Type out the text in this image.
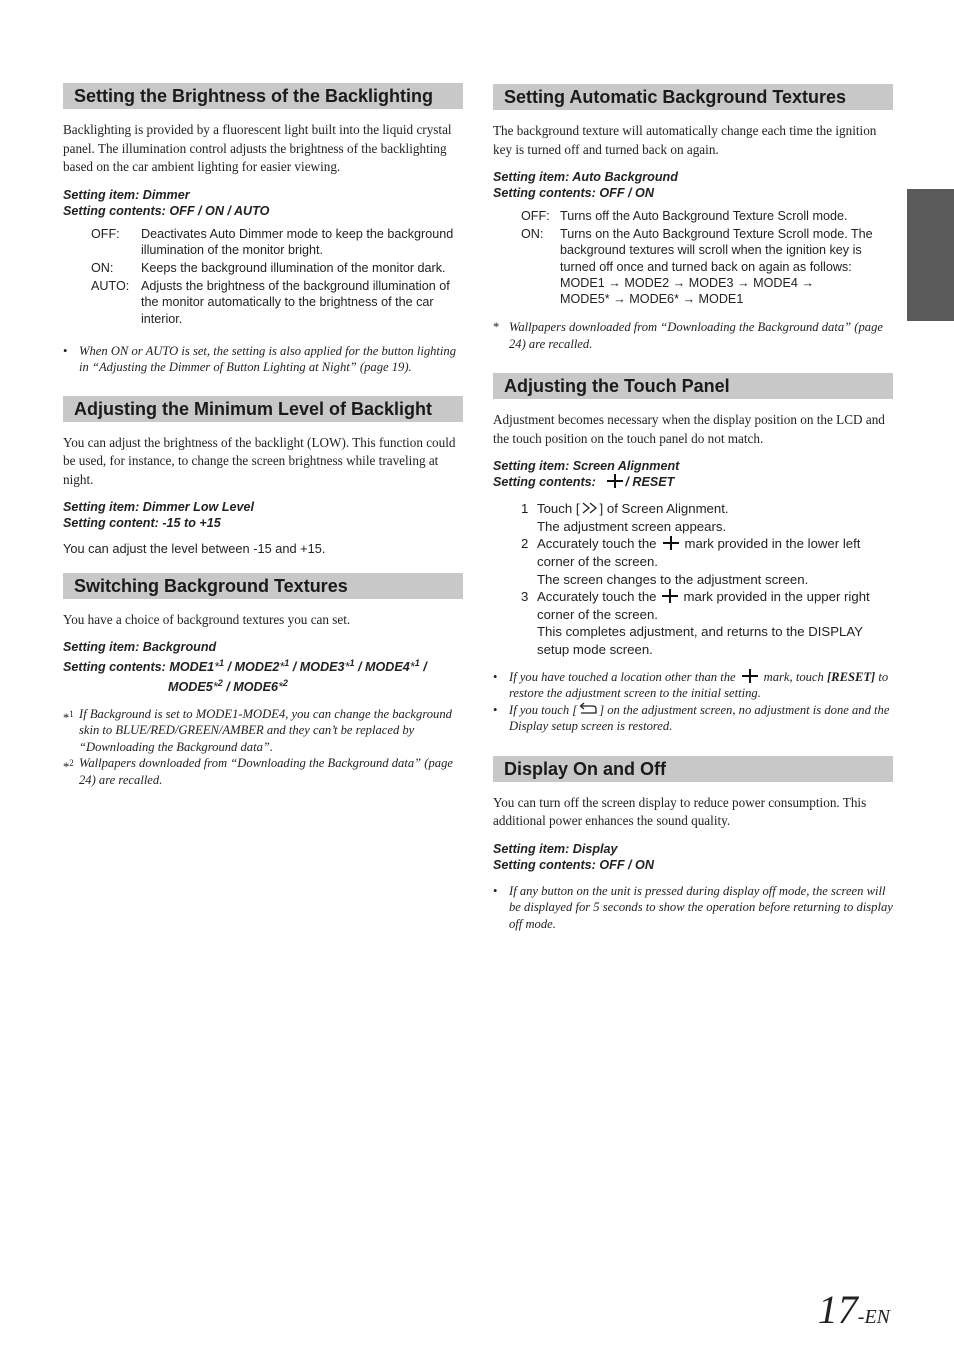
Setting the Brightness of the Backlighting

Backlighting is provided by a fluorescent light built into the liquid crystal panel. The illumination control adjusts the brightness of the backlighting based on the car ambient lighting for easier viewing.

Setting item: Dimmer
Setting contents: OFF / ON / AUTO
OFF:	Deactivates Auto Dimmer mode to keep the background illumination of the monitor bright.
ON:	Keeps the background illumination of the monitor dark.
AUTO: Adjusts the brightness of the background illumination of the monitor automatically to the brightness of the car interior.
• When ON or AUTO is set, the setting is also applied for the button lighting in “Adjusting the Dimmer of Button Lighting at Night” (page 19).
Adjusting the Minimum Level of Backlight

You can adjust the brightness of the backlight (LOW). This function could be used, for instance, to change the screen brightness while traveling at night.

Setting item: Dimmer Low Level
Setting content: -15 to +15
You can adjust the level between -15 and +15.
Switching Background Textures

You have a choice of background textures you can set.

Setting item: Background
Setting contents: MODE1*$^1$ / MODE2*$^1$ / MODE3*$^1$ / MODE4*$^1$ /
MODE5*$^2$ / MODE6*$^2$
*$^1$ If Background is set to MODE1-MODE4, you can change the background skin to BLUE/RED/GREEN/AMBER and they can’t be replaced by “Downloading the Background data”.
*$^2$ Wallpapers downloaded from “Downloading the Background data” (page 24) are recalled.
Setting Automatic Background Textures

The background texture will automatically change each time the ignition key is turned off and turned back on again.

Setting item: Auto Background
Setting contents: OFF / ON
OFF: Turns off the Auto Background Texture Scroll mode.
ON:	Turns on the Auto Background Texture Scroll mode. The background textures will scroll when the ignition key is turned off once and turned back on again as follows:
MODE1 → MODE2 → MODE3 → MODE4 →
MODE5* → MODE6* → MODE1
* Wallpapers downloaded from “Downloading the Background data” (page 24) are recalled.
Adjusting the Touch Panel

Adjustment becomes necessary when the display position on the LCD and the touch position on the touch panel do not match.

Setting item: Screen Alignment
Setting contents: / RESET
1 Touch [ ] of Screen Alignment.
The adjustment screen appears.
2 Accurately touch the mark provided in the lower left corner of the screen.
The screen changes to the adjustment screen.
3 Accurately touch the mark provided in the upper right corner of the screen.
This completes adjustment, and returns to the DISPLAY setup mode screen.
• If you have touched a location other than the mark, touch [RESET] to restore the adjustment screen to the initial setting.
• If you touch [ ] on the adjustment screen, no adjustment is done and the Display setup screen is restored.
Display On and Off

You can turn off the screen display to reduce power consumption. This additional power enhances the sound quality.

Setting item: Display
Setting contents: OFF / ON
• If any button on the unit is pressed during display off mode, the screen will be displayed for 5 seconds to show the operation before returning to display off mode.
17-EN
